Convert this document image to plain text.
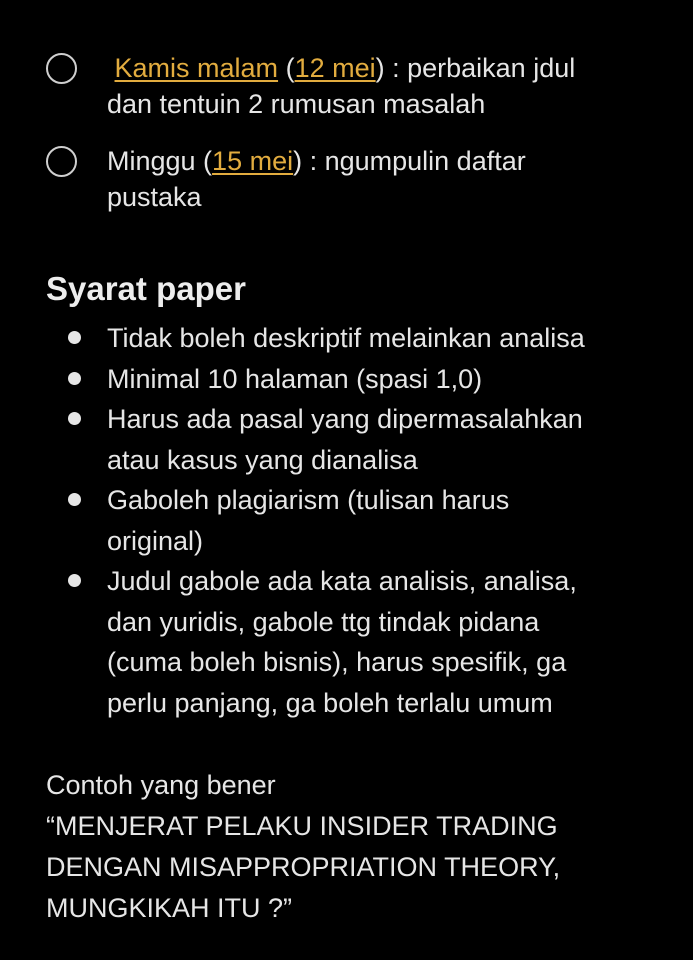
Kamis malam (12 mei) : perbaikan jdul
dan tentuin 2 rumusan masalah
Minggu (15 mei) : ngumpulin daftar
pustaka
Syarat paper
Tidak boleh deskriptif melainkan analisa
Minimal 10 halaman (spasi 1,0)
Harus ada pasal yang dipermasalahkan
atau kasus yang dianalisa
Gaboleh plagiarism (tulisan harus
original)
Judul gabole ada kata analisis, analisa,
dan yuridis, gabole ttg tindak pidana
(cuma boleh bisnis), harus spesifik, ga
perlu panjang, ga boleh terlalu umum
Contoh yang bener
“MENJERAT PELAKU INSIDER TRADING
DENGAN MISAPPROPRIATION THEORY,
MUNGKIKAH ITU ?”
